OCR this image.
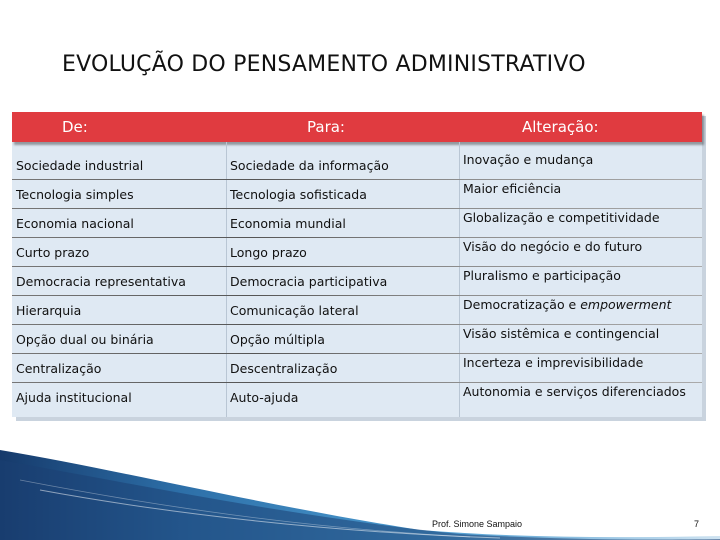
EVOLUÇÃO DO PENSAMENTO ADMINISTRATIVO
De:	Para:	Alteração:
Sociedade industrial	Sociedade da informação	Inovação e mudança
Tecnologia simples	Tecnologia sofisticada	Maior eficiência
Economia nacional	Economia mundial	Globalização e competitividade
Curto prazo	Longo prazo	Visão do negócio e do futuro
Democracia representativa	Democracia participativa	Pluralismo e participação
Hierarquia	Comunicação lateral	Democratização e empowerment
Opção dual ou binária	Opção múltipla	Visão sistêmica e contingencial
Centralização	Descentralização	Incerteza e imprevisibilidade
Ajuda institucional	Auto-ajuda	Autonomia e serviços diferenciados
Prof. Simone Sampaio	7
